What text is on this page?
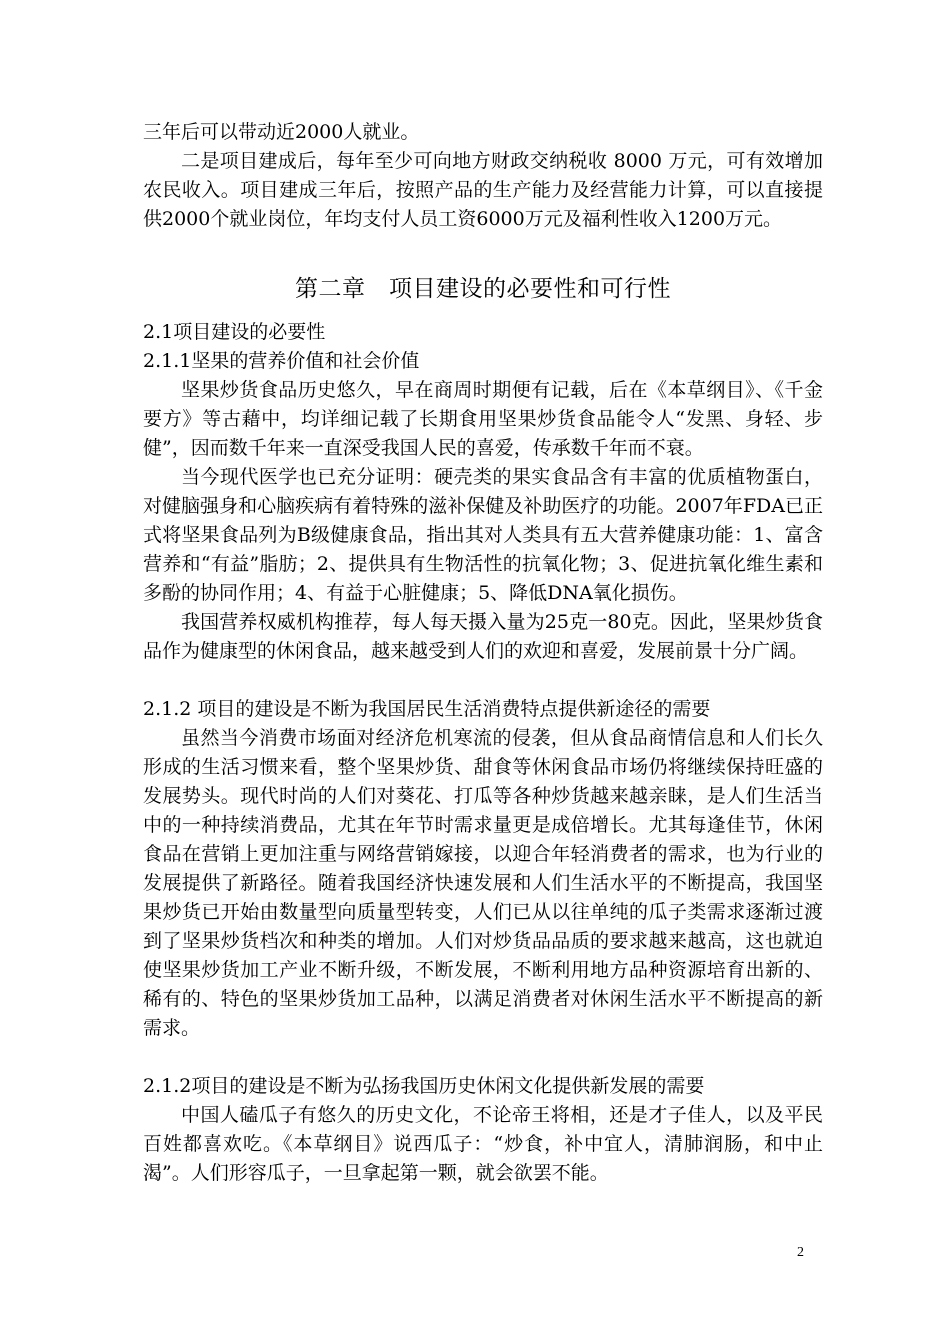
三年后可以带动近2000人就业。

二是项目建成后，每年至少可向地方财政交纳税收 8000 万元，可有效增加农民收入。项目建成三年后，按照产品的生产能力及经营能力计算，可以直接提供2000个就业岗位，年均支付人员工资6000万元及福利性收入1200万元。

第二章　项目建设的必要性和可行性

2.1项目建设的必要性

2.1.1坚果的营养价值和社会价值

坚果炒货食品历史悠久，早在商周时期便有记载，后在《本草纲目》、《千金要方》等古藉中，均详细记载了长期食用坚果炒货食品能令人“发黑、身轻、步健”，因而数千年来一直深受我国人民的喜爱，传承数千年而不衰。

当今现代医学也已充分证明：硬壳类的果实食品含有丰富的优质植物蛋白，对健脑强身和心脑疾病有着特殊的滋补保健及补助医疗的功能。2007年FDA已正式将坚果食品列为B级健康食品，指出其对人类具有五大营养健康功能：1、富含营养和“有益”脂肪；2、提供具有生物活性的抗氧化物；3、促进抗氧化维生素和多酚的协同作用；4、有益于心脏健康；5、降低DNA氧化损伤。

我国营养权威机构推荐，每人每天摄入量为25克一80克。因此，坚果炒货食品作为健康型的休闲食品，越来越受到人们的欢迎和喜爱，发展前景十分广阔。

2.1.2 项目的建设是不断为我国居民生活消费特点提供新途径的需要

虽然当今消费市场面对经济危机寒流的侵袭，但从食品商情信息和人们长久形成的生活习惯来看，整个坚果炒货、甜食等休闲食品市场仍将继续保持旺盛的发展势头。现代时尚的人们对葵花、打瓜等各种炒货越来越亲睐，是人们生活当中的一种持续消费品，尤其在年节时需求量更是成倍增长。尤其每逢佳节，休闲食品在营销上更加注重与网络营销嫁接，以迎合年轻消费者的需求，也为行业的发展提供了新路径。随着我国经济快速发展和人们生活水平的不断提高，我国坚果炒货已开始由数量型向质量型转变，人们已从以往单纯的瓜子类需求逐渐过渡到了坚果炒货档次和种类的增加。人们对炒货品品质的要求越来越高，这也就迫使坚果炒货加工产业不断升级，不断发展，不断利用地方品种资源培育出新的、稀有的、特色的坚果炒货加工品种，以满足消费者对休闲生活水平不断提高的新需求。

2.1.2项目的建设是不断为弘扬我国历史休闲文化提供新发展的需要

中国人磕瓜子有悠久的历史文化，不论帝王将相，还是才子佳人，以及平民百姓都喜欢吃。《本草纲目》说西瓜子：“炒食，补中宜人，清肺润肠，和中止渴”。人们形容瓜子，一旦拿起第一颗，就会欲罢不能。

2
